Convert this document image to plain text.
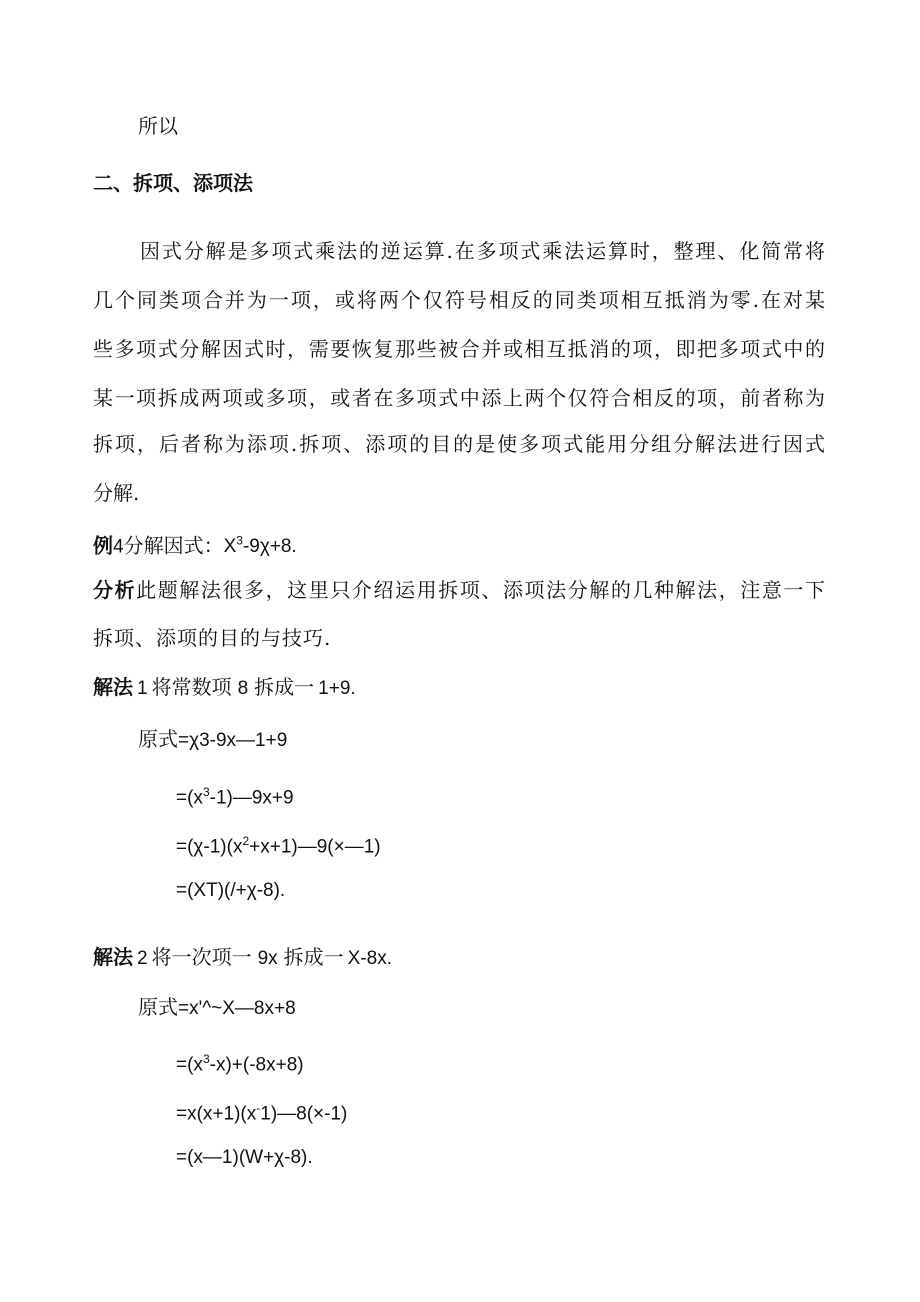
所以

二、拆项、添项法

因式分解是多项式乘法的逆运算.在多项式乘法运算时，整理、化简常将

几个同类项合并为一项，或将两个仅符号相反的同类项相互抵消为零.在对某

些多项式分解因式时，需要恢复那些被合并或相互抵消的项，即把多项式中的

某一项拆成两项或多项，或者在多项式中添上两个仅符合相反的项，前者称为

拆项，后者称为添项.拆项、添项的目的是使多项式能用分组分解法进行因式

分解.

例4分解因式：$X^3-9\chi+8$.

分析此题解法很多，这里只介绍运用拆项、添项法分解的几种解法，注意一下

拆项、添项的目的与技巧.

解法 1 将常数项 8 拆成一 1+9.

原式=χ3-9x—1+9

$=(x^3-1)—9x+9$

$=(\chi-1)(x^2+x+1)—9(\times—1)$

=(XT)(/+χ-8).

解法 2 将一次项一 9x 拆成一 X-8x.

原式=x'^~X—8x+8

$=(x^3-x)+(-8x+8)$

=x(x+1)(x-1)—8(×-1)

=(x—1)(W+χ-8).
